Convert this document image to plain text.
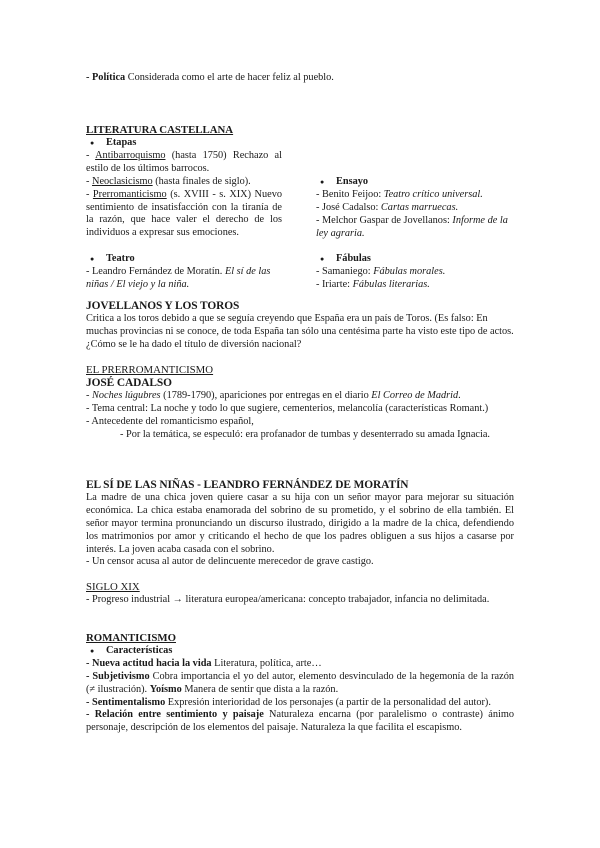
- Política Considerada como el arte de hacer feliz al pueblo.

LITERATURA CASTELLANA

● Etapas

- Antibarroquismo (hasta 1750) Rechazo al estilo de los últimos barrocos.

- Neoclasicismo (hasta finales de siglo).

- Prerromanticismo (s. XVIII - s. XIX) Nuevo sentimiento de insatisfacción con la tiranía de la razón, que hace valer el derecho de los individuos a expresar sus emociones.

● Teatro

- Leandro Fernández de Moratín. El sí de las niñas / El viejo y la niña.

● Ensayo

- Benito Feijoo: Teatro crítico universal.

- José Cadalso: Cartas marruecas.

- Melchor Gaspar de Jovellanos: Informe de la ley agraria.

● Fábulas

- Samaniego: Fábulas morales.

- Iriarte: Fábulas literarias.

JOVELLANOS Y LOS TOROS

Critica a los toros debido a que se seguía creyendo que España era un país de Toros. (Es falso: En muchas provincias ni se conoce, de toda España tan sólo una centésima parte ha visto este tipo de actos. ¿Cómo se le ha dado el título de diversión nacional?

EL PRERROMANTICISMO

JOSÉ CADALSO

- Noches lúgubres (1789-1790), apariciones por entregas en el diario El Correo de Madrid.

- Tema central: La noche y todo lo que sugiere, cementerios, melancolía (características Romant.)

- Antecedente del romanticismo español,

- Por la temática, se especuló: era profanador de tumbas y desenterrado su amada Ignacia.

EL SÍ DE LAS NIÑAS - LEANDRO FERNÁNDEZ DE MORATÍN

La madre de una chica joven quiere casar a su hija con un señor mayor para mejorar su situación económica. La chica estaba enamorada del sobrino de su prometido, y el sobrino de ella también. El señor mayor termina pronunciando un discurso ilustrado, dirigido a la madre de la chica, defendiendo los matrimonios por amor y criticando el hecho de que los padres obliguen a sus hijos a casarse por interés. La joven acaba casada con el sobrino.

- Un censor acusa al autor de delincuente merecedor de grave castigo.

SIGLO XIX

- Progreso industrial → literatura europea/americana: concepto trabajador, infancia no delimitada.

ROMANTICISMO

● Características

- Nueva actitud hacia la vida Literatura, política, arte…

- Subjetivismo Cobra importancia el yo del autor, elemento desvinculado de la hegemonía de la razón (≠ ilustración). Yoísmo Manera de sentir que dista a la razón.

- Sentimentalismo Expresión interioridad de los personajes (a partir de la personalidad del autor).

- Relación entre sentimiento y paisaje Naturaleza encarna (por paralelismo o contraste) ánimo personaje, descripción de los elementos del paisaje. Naturaleza la que facilita el escapismo.
